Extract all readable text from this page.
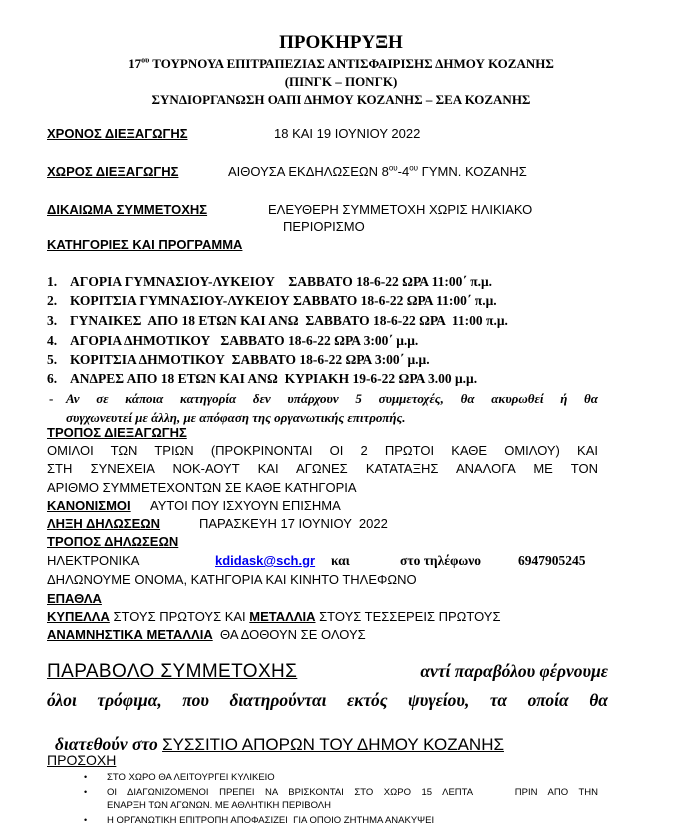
ΠΡΟΚΗΡΥΞΗ
$17^{o\upsilon}$ ΤΟΥΡΝΟΥΑ ΕΠΙΤΡΑΠΕΖΙΑΣ ΑΝΤΙΣΦΑΙΡΙΣΗΣ ΔΗΜΟΥ ΚΟΖΑΝΗΣ
(ΠΙΝΓΚ – ΠΟΝΓΚ)
ΣΥΝΔΙΟΡΓΑΝΩΣΗ ΟΑΠΙ ΔΗΜΟΥ ΚΟΖΑΝΗΣ – ΣΕΑ ΚΟΖΑΝΗΣ
ΧΡΟΝΟΣ ΔΙΕΞΑΓΩΓΗΣ	18 ΚΑΙ 19 ΙΟΥΝΙΟΥ 2022
ΧΩΡΟΣ ΔΙΕΞΑΓΩΓΗΣ	ΑΙΘΟΥΣΑ ΕΚΔΗΛΩΣΕΩΝ $8^{o\upsilon}-4^{o\upsilon}$ ΓΥΜΝ. ΚΟΖΑΝΗΣ
ΔΙΚΑΙΩΜΑ ΣΥΜΜΕΤΟΧΗΣ	ΕΛΕΥΘΕΡΗ ΣΥΜΜΕΤΟΧΗ ΧΩΡΙΣ ΗΛΙΚΙΑΚΟ
ΠΕΡΙΟΡΙΣΜΟ
ΚΑΤΗΓΟΡΙΕΣ ΚΑΙ ΠΡΟΓΡΑΜΜΑ
1. ΑΓΟΡΙΑ ΓΥΜΝΑΣΙΟΥ-ΛΥΚΕΙΟΥ    ΣΑΒΒΑΤΟ 18-6-22 ΩΡΑ 11:00΄ π.μ.
2. ΚΟΡΙΤΣΙΑ ΓΥΜΝΑΣΙΟΥ-ΛΥΚΕΙΟΥ ΣΑΒΒΑΤΟ 18-6-22 ΩΡΑ 11:00΄ π.μ.
3. ΓΥΝΑΙΚΕΣ  ΑΠΟ 18 ΕΤΩΝ ΚΑΙ ΑΝΩ  ΣΑΒΒΑΤΟ 18-6-22 ΩΡΑ  11:00 π.μ.
4. ΑΓΟΡΙΑ ΔΗΜΟΤΙΚΟΥ   ΣΑΒΒΑΤΟ 18-6-22 ΩΡΑ 3:00΄ μ.μ.
5. ΚΟΡΙΤΣΙΑ ΔΗΜΟΤΙΚΟΥ  ΣΑΒΒΑΤΟ 18-6-22 ΩΡΑ 3:00΄ μ.μ.
6. ΑΝΔΡΕΣ ΑΠΟ 18 ΕΤΩΝ ΚΑΙ ΑΝΩ  ΚΥΡΙΑΚΗ 19-6-22 ΩΡΑ 3.00 μ.μ.
- Αν σε κάποια κατηγορία δεν υπάρχουν 5 συμμετοχές, θα ακυρωθεί ή θα
συγχωνευτεί με άλλη, με απόφαση της οργανωτικής επιτροπής.
ΤΡΟΠΟΣ ΔΙΕΞΑΓΩΓΗΣ
ΟΜΙΛΟΙ ΤΩΝ ΤΡΙΩΝ (ΠΡΟΚΡΙΝΟΝΤΑΙ ΟΙ 2 ΠΡΩΤΟΙ ΚΑΘΕ ΟΜΙΛΟΥ) ΚΑΙ
ΣΤΗ ΣΥΝΕΧΕΙΑ ΝΟΚ-ΑΟΥΤ ΚΑΙ ΑΓΩΝΕΣ ΚΑΤΑΤΑΞΗΣ ΑΝΑΛΟΓΑ ΜΕ ΤΟΝ
ΑΡΙΘΜΟ ΣΥΜΜΕΤΕΧΟΝΤΩΝ ΣΕ ΚΑΘΕ ΚΑΤΗΓΟΡΙΑ
ΚΑΝΟΝΙΣΜΟΙ ΑΥΤΟΙ ΠΟΥ ΙΣΧΥΟΥΝ ΕΠΙΣΗΜΑ
ΛΗΞΗ ΔΗΛΩΣΕΩΝ	ΠΑΡΑΣΚΕΥΗ 17 ΙΟΥΝΙΟΥ  2022
ΤΡΟΠΟΣ ΔΗΛΩΣΕΩΝ
ΗΛΕΚΤΡΟΝΙΚΑ	kdidask@sch.gr και	στο τηλέφωνο	6947905245
ΔΗΛΩΝΟΥΜΕ ΟΝΟΜΑ, ΚΑΤΗΓΟΡΙΑ ΚΑΙ ΚΙΝΗΤΟ ΤΗΛΕΦΩΝΟ
ΕΠΑΘΛΑ
ΚΥΠΕΛΛΑ ΣΤΟΥΣ ΠΡΩΤΟΥΣ ΚΑΙ ΜΕΤΑΛΛΙΑ ΣΤΟΥΣ ΤΕΣΣΕΡΕΙΣ ΠΡΩΤΟΥΣ
ΑΝΑΜΝΗΣΤΙΚΑ ΜΕΤΑΛΛΙΑ  ΘΑ ΔΟΘΟΥΝ ΣΕ ΟΛΟΥΣ
ΠΑΡΑΒΟΛΟ ΣΥΜΜΕΤΟΧΗΣ	αντί παραβόλου φέρνουμε
όλοι τρόφιμα, που διατηρούνται εκτός ψυγείου, τα οποία θα

διατεθούν στο ΣΥΣΣΙΤΙΟ ΑΠΟΡΩΝ ΤΟΥ ΔΗΜΟΥ ΚΟΖΑΝΗΣ

ΠΡΟΣΟΧΗ
• ΣΤΟ ΧΩΡΟ ΘΑ ΛΕΙΤΟΥΡΓΕΙ ΚΥΛΙΚΕΙΟ
• ΟΙ ΔΙΑΓΩΝΙΖΟΜΕΝΟΙ ΠΡΕΠΕΙ ΝΑ ΒΡΙΣΚΟΝΤΑΙ ΣΤΟ ΧΩΡΟ 15 ΛΕΠΤΑ    ΠΡΙΝ ΑΠΟ ΤΗΝ
ΕΝΑΡΞΗ ΤΩΝ ΑΓΩΝΩΝ. ΜΕ ΑΘΛΗΤΙΚΗ ΠΕΡΙΒΟΛΗ
• Η ΟΡΓΑΝΩΤΙΚΗ ΕΠΙΤΡΟΠΗ ΑΠΟΦΑΣΙΖΕΙ  ΓΙΑ ΟΠΟΙΟ ΖΗΤΗΜΑ ΑΝΑΚΥΨΕΙ
